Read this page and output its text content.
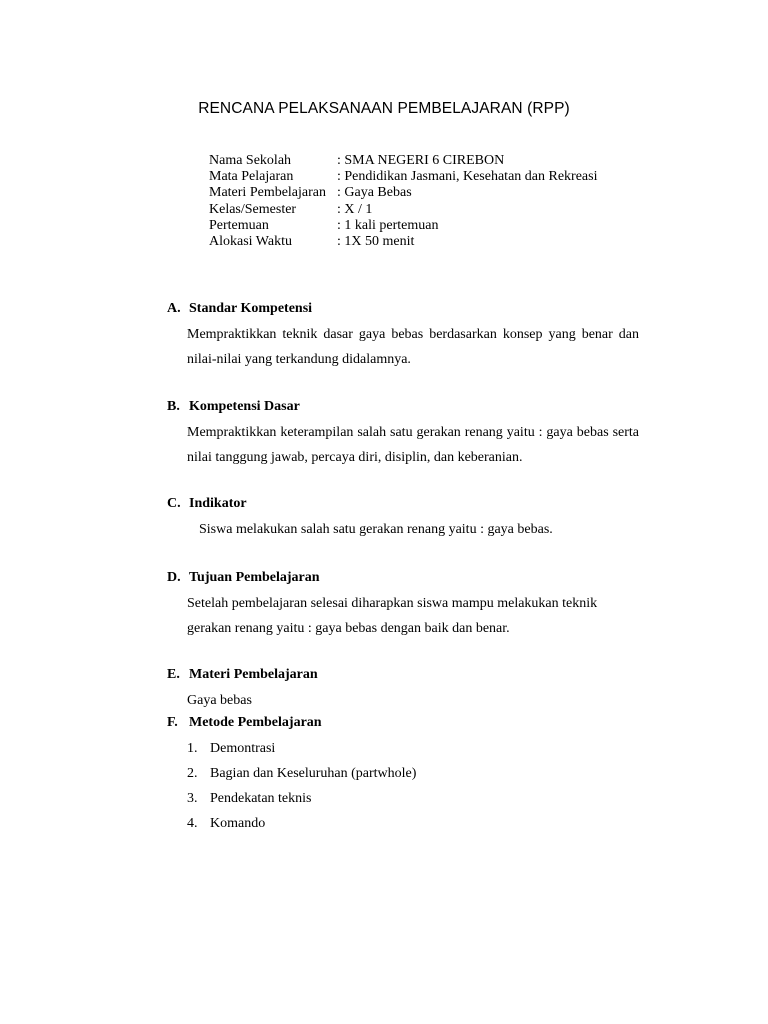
RENCANA PELAKSANAAN PEMBELAJARAN (RPP)
Nama Sekolah	: SMA NEGERI 6 CIREBON
Mata Pelajaran	: Pendidikan Jasmani, Kesehatan dan Rekreasi
Materi Pembelajaran : Gaya Bebas
Kelas/Semester	: X / 1
Pertemuan	: 1 kali pertemuan
Alokasi Waktu	: 1X 50 menit
A. Standar Kompetensi
Mempraktikkan teknik dasar gaya bebas berdasarkan konsep yang benar dan nilai-nilai yang terkandung didalamnya.
B. Kompetensi Dasar
Mempraktikkan keterampilan salah satu gerakan renang yaitu : gaya bebas serta nilai tanggung jawab, percaya diri, disiplin, dan keberanian.
C. Indikator
Siswa melakukan salah satu gerakan renang yaitu : gaya bebas.
D. Tujuan Pembelajaran
Setelah pembelajaran selesai diharapkan siswa mampu melakukan teknik gerakan renang yaitu : gaya bebas dengan baik dan benar.
E. Materi Pembelajaran
Gaya bebas
F. Metode Pembelajaran
1. Demontrasi
2. Bagian dan Keseluruhan (partwhole)
3. Pendekatan teknis
4. Komando
